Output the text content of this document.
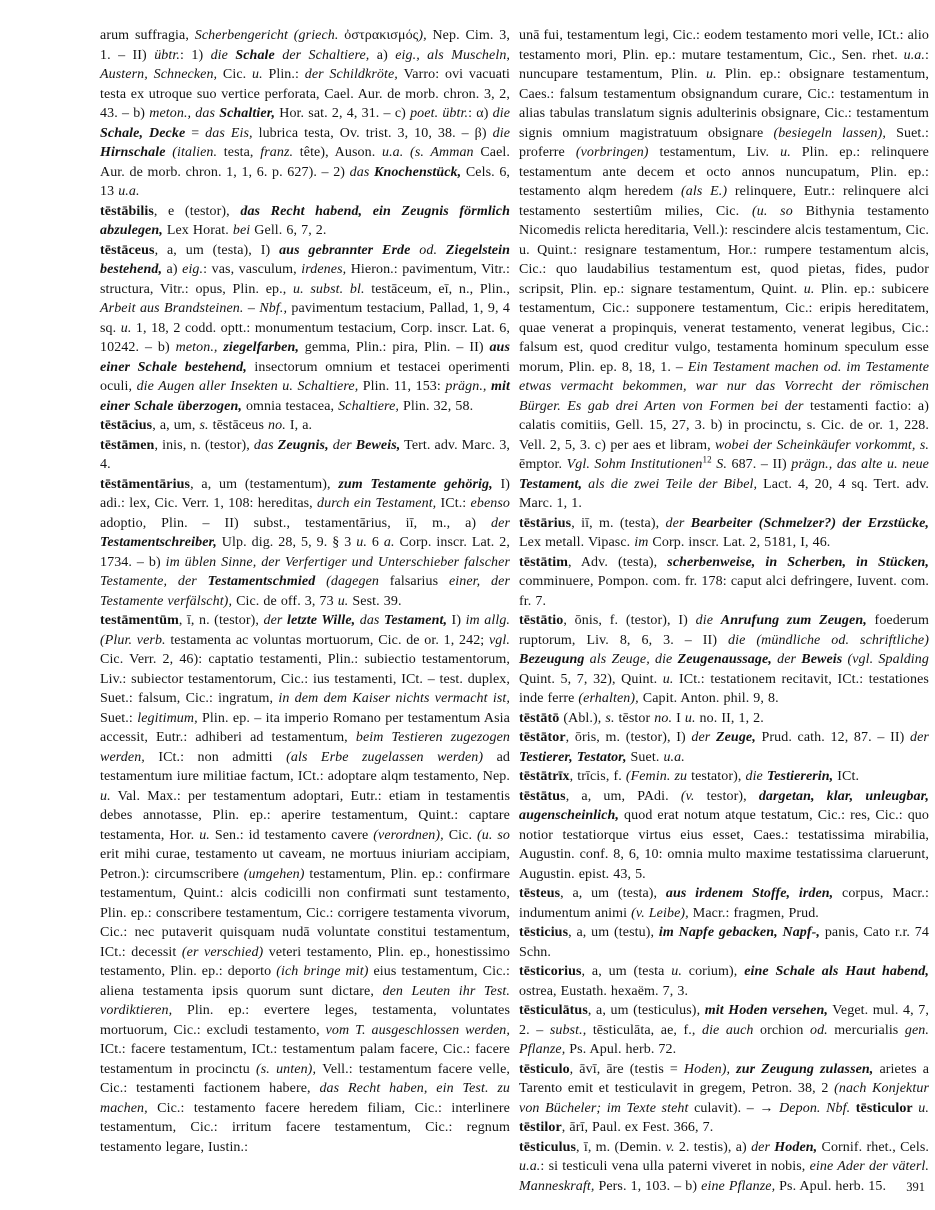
arum suffragia, Scherbengericht (griech. ὀστρακισμός), Nep. Cim. 3, 1. – II) übtr.: 1) die Schale der Schaltiere, a) eig., als Muscheln, Austern, Schnecken, Cic. u. Plin.: der Schildkröte, Varro: ovi vacuati testa ex utroque suo vertice perforata, Cael. Aur. de morb. chron. 3, 2, 43. – b) meton., das Schaltier, Hor. sat. 2, 4, 31. – c) poet. übtr.: α) die Schale, Decke = das Eis, lubrica testa, Ov. trist. 3, 10, 38. – β) die Hirnschale (italien. testa, franz. tête), Auson. u.a. (s. Amman Cael. Aur. de morb. chron. 1, 1, 6. p. 627). – 2) das Knochenstück, Cels. 6, 13 u.a.

tēstābilis, e (testor), das Recht habend, ein Zeugnis förmlich abzulegen, Lex Horat. bei Gell. 6, 7, 2.

tēstāceus, a, um (testa), I) aus gebrannter Erde od. Ziegelstein bestehend, a) eig.: vas, vasculum, irdenes, Hieron.: pavimentum, Vitr.: structura, Vitr.: opus, Plin. ep., u. subst. bl. testāceum, eī, n., Plin., Arbeit aus Brandsteinen. – Nbf., pavimentum testacium, Pallad, 1, 9, 4 sq. u. 1, 18, 2 codd. optt.: monumentum testacium, Corp. inscr. Lat. 6, 10242. – b) meton., ziegelfarben, gemma, Plin.: pira, Plin. – II) aus einer Schale bestehend, insectorum omnium et testacei operimenti oculi, die Augen aller Insekten u. Schaltiere, Plin. 11, 153: prägn., mit einer Schale überzogen, omnia testacea, Schaltiere, Plin. 32, 58.

tēstācius, a, um, s. tēstāceus no. I, a.

tēstāmen, inis, n. (testor), das Zeugnis, der Beweis, Tert. adv. Marc. 3, 4.

tēstāmentārius, a, um (testamentum), zum Testamente gehörig, I) adi.: lex, Cic. Verr. 1, 108: hereditas, durch ein Testament, ICt.: ebenso adoptio, Plin. – II) subst., testamentārius, iī, m., a) der Testamentschreiber, Ulp. dig. 28, 5, 9. § 3 u. 6 a. Corp. inscr. Lat. 2, 1734. – b) im üblen Sinne, der Verfertiger und Unterschieber falscher Testamente, der Testamentschmied (dagegen falsarius einer, der Testamente verfälscht), Cic. de off. 3, 73 u. Sest. 39.

testāmentūm, ī, n. (testor), der letzte Wille, das Testament, I) im allg. (Plur. verb. testamenta ac voluntas mortuorum, Cic. de or. 1, 242; vgl. Cic. Verr. 2, 46): captatio testamenti, Plin.: subiectio testamentorum, Liv.: subiector testamentorum, Cic.: ius testamenti, ICt. – test. duplex, Suet.: falsum, Cic.: ingratum, in dem dem Kaiser nichts vermacht ist, Suet.: legitimum, Plin. ep. – ita imperio Romano per testamentum Asia accessit, Eutr.: adhiberi ad testamentum, beim Testieren zugezogen werden, ICt.: non admitti (als Erbe zugelassen werden) ad testamentum iure militiae factum, ICt.: adoptare alqm testamento, Nep. u. Val. Max.: per testamentum adoptari, Eutr.: etiam in testamentis debes annotasse, Plin. ep.: aperire testamentum, Quint.: captare testamenta, Hor. u. Sen.: id testamento cavere (verordnen), Cic. (u. so erit mihi curae, testamento ut caveam, ne mortuus iniuriam accipiam, Petron.): circumscribere (umgehen) testamentum, Plin. ep.: confirmare testamentum, Quint.: alcis codicilli non confirmati sunt testamento, Plin. ep.: conscribere testamentum, Cic.: corrigere testamenta vivorum, Cic.: nec putaverit quisquam nudā voluntate constitui testamentum, ICt.: decessit (er verschied) veteri testamento, Plin. ep., honestissimo testamento, Plin. ep.: deporto (ich bringe mit) eius testamentum, Cic.: aliena testamenta ipsis quorum sunt dictare, den Leuten ihr Test. vordiktieren, Plin. ep.: evertere leges, testamenta, voluntates mortuorum, Cic.: excludi testamento, vom T. ausgeschlossen werden, ICt.: facere testamentum, ICt.: testamentum palam facere, Cic.: facere testamentum in procinctu (s. unten), Vell.: testamentum facere velle, Cic.: testamenti factionem habere, das Recht haben, ein Test. zu machen, Cic.: testamento facere heredem filiam, Cic.: interlinere testamentum, Cic.: irritum facere testamentum, Cic.: regnum testamento legare, Iustin.:

unā fui, testamentum legi, Cic.: eodem testamento mori velle, ICt.: alio testamento mori, Plin. ep.: mutare testamentum, Cic., Sen. rhet. u.a.: nuncupare testamentum, Plin. u. Plin. ep.: obsignare testamentum, Caes.: falsum testamentum obsignandum curare, Cic.: testamentum in alias tabulas translatum signis adulterinis obsignare, Cic.: testamentum signis omnium magistratuum obsignare (besiegeln lassen), Suet.: proferre (vorbringen) testamentum, Liv. u. Plin. ep.: relinquere testamentum ante decem et octo annos nuncupatum, Plin. ep.: testamento alqm heredem (als E.) relinquere, Eutr.: relinquere alci testamento sestertiûm milies, Cic. (u. so Bithynia testamento Nicomedis relicta hereditaria, Vell.): rescindere alcis testamentum, Cic. u. Quint.: resignare testamentum, Hor.: rumpere testamentum alcis, Cic.: quo laudabilius testamentum est, quod pietas, fides, pudor scripsit, Plin. ep.: signare testamentum, Quint. u. Plin. ep.: subicere testamentum, Cic.: supponere testamentum, Cic.: eripis hereditatem, quae venerat a propinquis, venerat testamento, venerat legibus, Cic.: falsum est, quod creditur vulgo, testamenta hominum speculum esse morum, Plin. ep. 8, 18, 1. – Ein Testament machen od. im Testamente etwas vermacht bekommen, war nur das Vorrecht der römischen Bürger. Es gab drei Arten von Formen bei der testamenti factio: a) calatis comitiis, Gell. 15, 27, 3. b) in procinctu, s. Cic. de or. 1, 228. Vell. 2, 5, 3. c) per aes et libram, wobei der Scheinkäufer vorkommt, s. ēmptor. Vgl. Sohm Institutionen$^{12}$ S. 687. – II) prägn., das alte u. neue Testament, als die zwei Teile der Bibel, Lact. 4, 20, 4 sq. Tert. adv. Marc. 1, 1.

tēstārius, iī, m. (testa), der Bearbeiter (Schmelzer?) der Erzstücke, Lex metall. Vipasc. im Corp. inscr. Lat. 2, 5181, I, 46.

tēstātim, Adv. (testa), scherbenweise, in Scherben, in Stücken, comminuere, Pompon. com. fr. 178: caput alci defringere, Iuvent. com. fr. 7.

tēstātio, ōnis, f. (testor), I) die Anrufung zum Zeugen, foederum ruptorum, Liv. 8, 6, 3. – II) die (mündliche od. schriftliche) Bezeugung als Zeuge, die Zeugenaussage, der Beweis (vgl. Spalding Quint. 5, 7, 32), Quint. u. ICt.: testationem recitavit, ICt.: testationes inde ferre (erhalten), Capit. Anton. phil. 9, 8.

tēstātō (Abl.), s. tēstor no. I u. no. II, 1, 2.

tēstātor, ōris, m. (testor), I) der Zeuge, Prud. cath. 12, 87. – II) der Testierer, Testator, Suet. u.a.

tēstātrīx, trīcis, f. (Femin. zu testator), die Testiererin, ICt.

tēstātus, a, um, PAdi. (v. testor), dargetan, klar, unleugbar, augenscheinlich, quod erat notum atque testatum, Cic.: res, Cic.: quo notior testatiorque virtus eius esset, Caes.: testatissima mirabilia, Augustin. conf. 8, 6, 10: omnia multo maxime testatissima claruerunt, Augustin. epist. 43, 5.

tēsteus, a, um (testa), aus irdenem Stoffe, irden, corpus, Macr.: indumentum animi (v. Leibe), Macr.: fragmen, Prud.

tēsticius, a, um (testu), im Napfe gebacken, Napf-, panis, Cato r.r. 74 Schn.

tēsticorius, a, um (testa u. corium), eine Schale als Haut habend, ostrea, Eustath. hexaëm. 7, 3.

tēsticulātus, a, um (testiculus), mit Hoden versehen, Veget. mul. 4, 7, 2. – subst., tēsticulāta, ae, f., die auch orchion od. mercurialis gen. Pflanze, Ps. Apul. herb. 72.

tēsticulo, āvī, āre (testis = Hoden), zur Zeugung zulassen, arietes a Tarento emit et testiculavit in gregem, Petron. 38, 2 (nach Konjektur von Bücheler; im Texte steht culavit). – → Depon. Nbf. tēsticulor u. tēstilor, ārī, Paul. ex Fest. 366, 7.

tēsticulus, ī, m. (Demin. v. 2. testis), a) der Hoden, Cornif. rhet., Cels. u.a.: si testiculi vena ulla paterni viveret in nobis, eine Ader der väterl. Manneskraft, Pers. 1, 103. – b) eine Pflanze, Ps. Apul. herb. 15.	391
